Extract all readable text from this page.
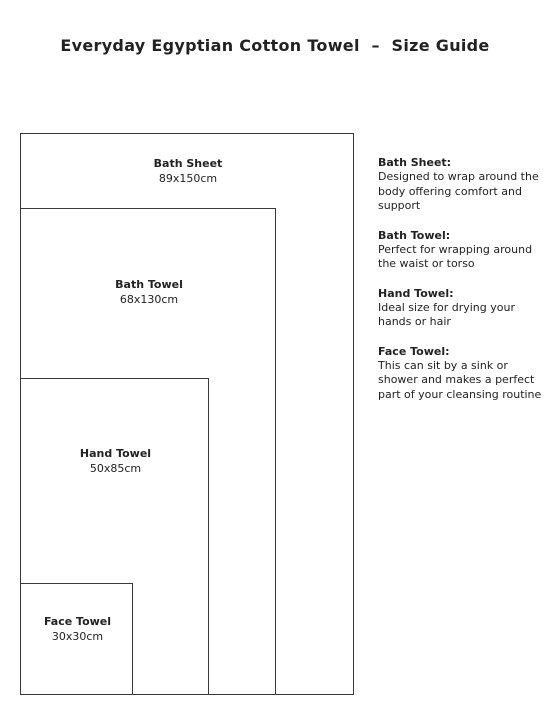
Everyday Egyptian Cotton Towel  –  Size Guide
Bath Sheet
89x150cm
Bath Towel
68x130cm
Hand Towel
50x85cm
Face Towel
30x30cm
Bath Sheet:
Designed to wrap around the body offering comfort and support
Bath Towel:
Perfect for wrapping around the waist or torso
Hand Towel:
Ideal size for drying your hands or hair
Face Towel:
This can sit by a sink or shower and makes a perfect part of your cleansing routine
